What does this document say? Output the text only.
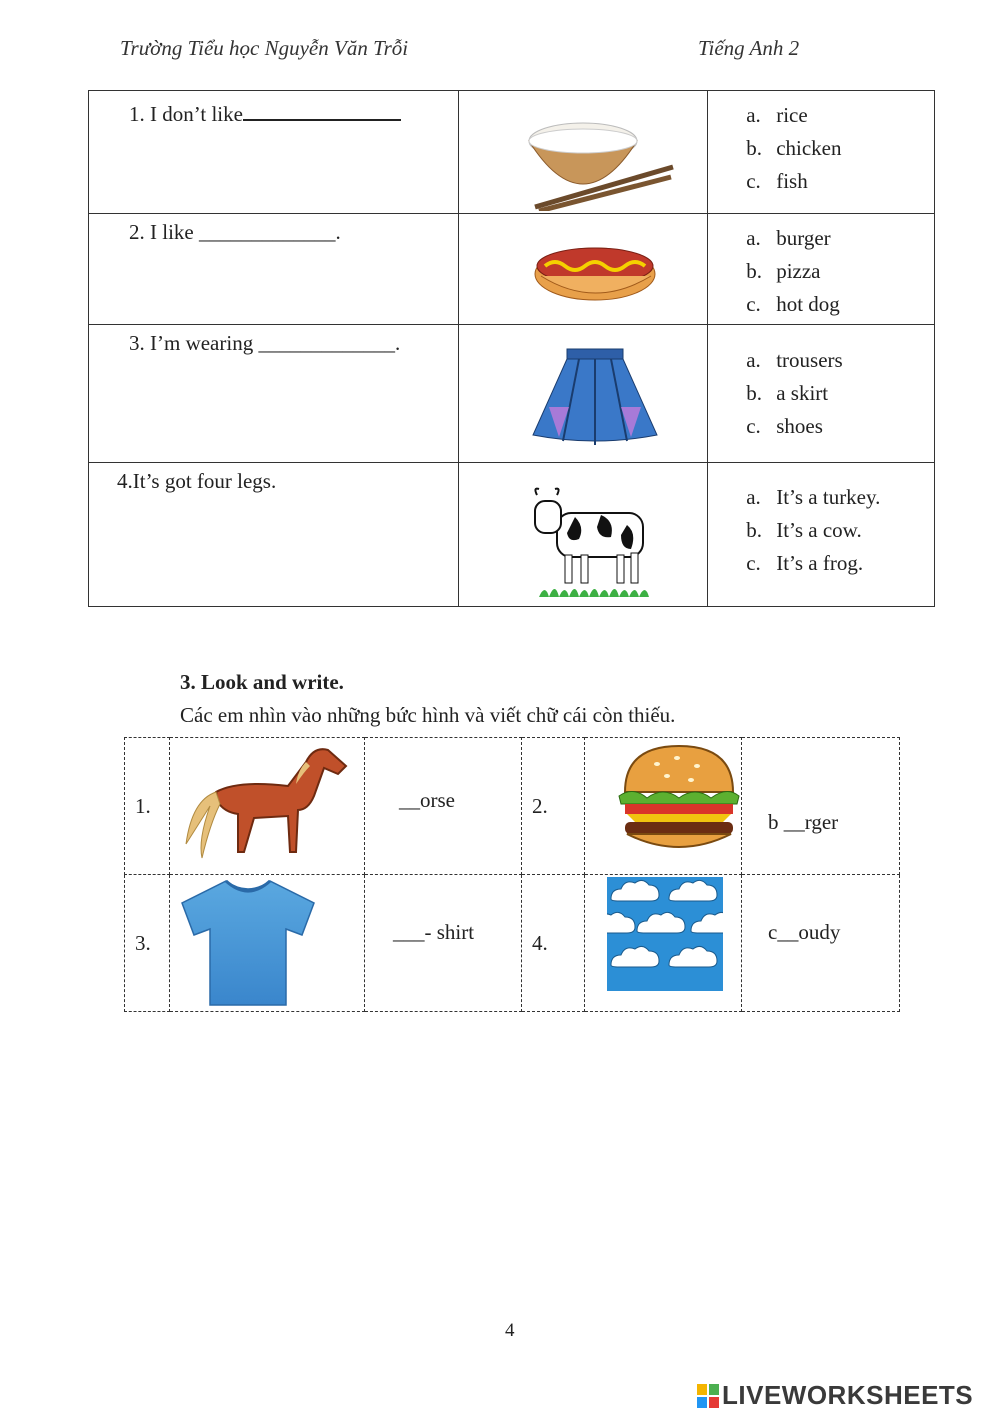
Trường Tiểu học Nguyễn Văn Trỗi	Tiếng Anh 2
1. I don’t like		a. rice
b. chicken
c. fish

2. I like _____________.		a. burger
b. pizza
c. hot dog

3. I’m wearing _____________.		a. trousers
b. a skirt
c. shoes

4.It’s got four legs.		a. It’s a turkey.
b. It’s a cow.
c. It’s a frog.
3. Look and write.
Các em nhìn vào những bức hình và viết chữ cái còn thiếu.
1.		__orse	2.		b __rger

3.		___- shirt	4.		c__oudy
4
LIVEWORKSHEETS
